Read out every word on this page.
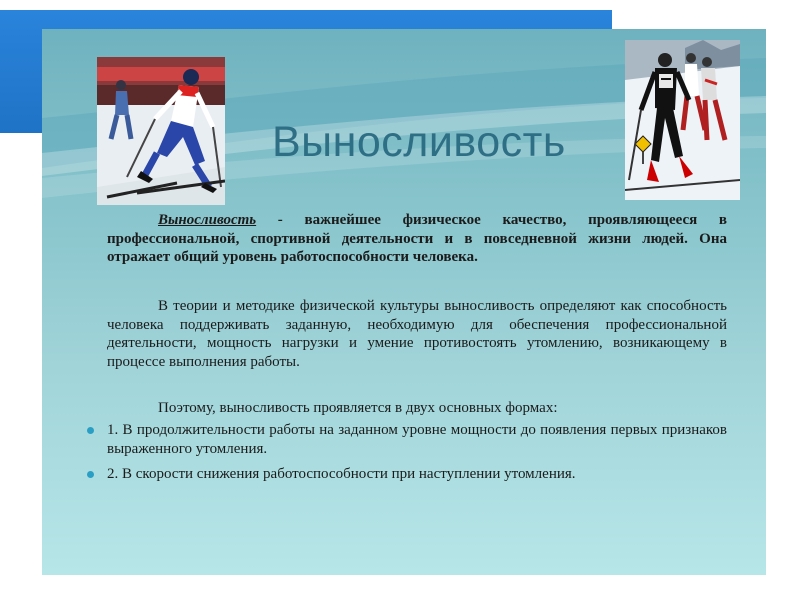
Выносливость
Выносливость - важнейшее физическое качество, проявляющееся в профессиональной, спортивной деятельности и в повседневной жизни людей. Она отражает общий уровень работоспособности человека.
В теории и методике физической культуры выносливость определяют как способность человека поддерживать заданную, необходимую для обеспечения профессиональной деятельности, мощность нагрузки и умение противостоять утомлению, возникающему в процессе выполнения работы.
Поэтому, выносливость проявляется в двух основных формах:
1. В продолжительности работы на заданном уровне мощности до появления первых признаков выраженного утомления.
2. В скорости снижения работоспособности при наступлении утомления.
